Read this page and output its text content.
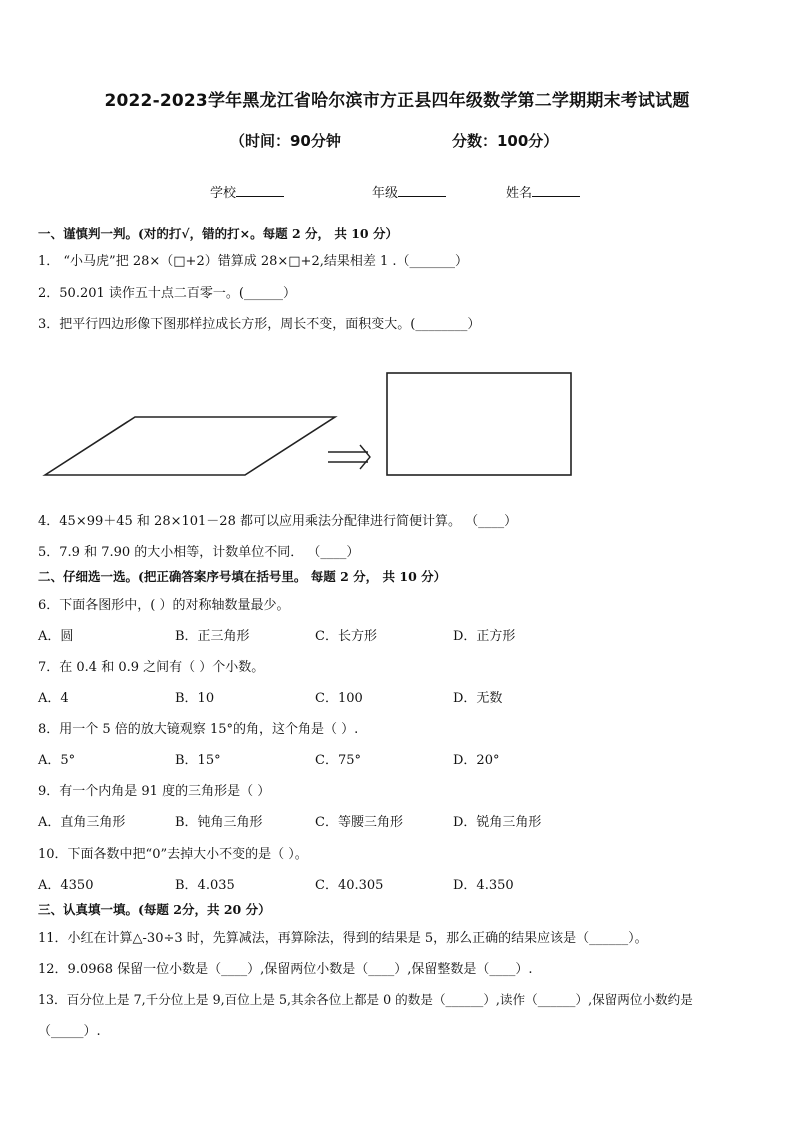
2022-2023学年黑龙江省哈尔滨市方正县四年级数学第二学期期末考试试题
（时间：90分钟	分数：100分）
学校	年级	姓名
一、谨慎判一判。(对的打√，错的打×。每题 2 分， 共 10 分）
1． “小马虎”把 28×（□+2）错算成 28×□+2,结果相差 1 .（_______）
2．50.201 读作五十点二百零一。(______）
3．把平行四边形像下图那样拉成长方形，周长不变，面积变大。(________）
4．45×99＋45 和 28×101－28 都可以应用乘法分配律进行简便计算。 （____）
5．7.9 和 7.90 的大小相等，计数单位不同． （____）
二、仔细选一选。(把正确答案序号填在括号里。 每题 2 分， 共 10 分）
6．下面各图形中，( ）的对称轴数量最少。
A．圆	B．正三角形	C．长方形	D．正方形
7．在 0.4 和 0.9 之间有（ ）个小数。
A．4	B．10	C．100	D．无数
8．用一个 5 倍的放大镜观察 15°的角，这个角是（ ）.
A．5°	B．15°	C．75°	D．20°
9．有一个内角是 91 度的三角形是（ ）
A．直角三角形	B．钝角三角形	C．等腰三角形	D．锐角三角形
10．下面各数中把“0”去掉大小不变的是（ ）。
A．4350	B．4.035	C．40.305	D．4.350
三、认真填一填。(每题 2分，共 20 分）
11．小红在计算△-30÷3 时，先算减法，再算除法，得到的结果是 5，那么正确的结果应该是（______）。
12．9.0968 保留一位小数是（____）,保留两位小数是（____）,保留整数是（____）.
13．百分位上是 7,千分位上是 9,百位上是 5,其余各位上都是 0 的数是（______）,读作（______）,保留两位小数约是
（_____）.
